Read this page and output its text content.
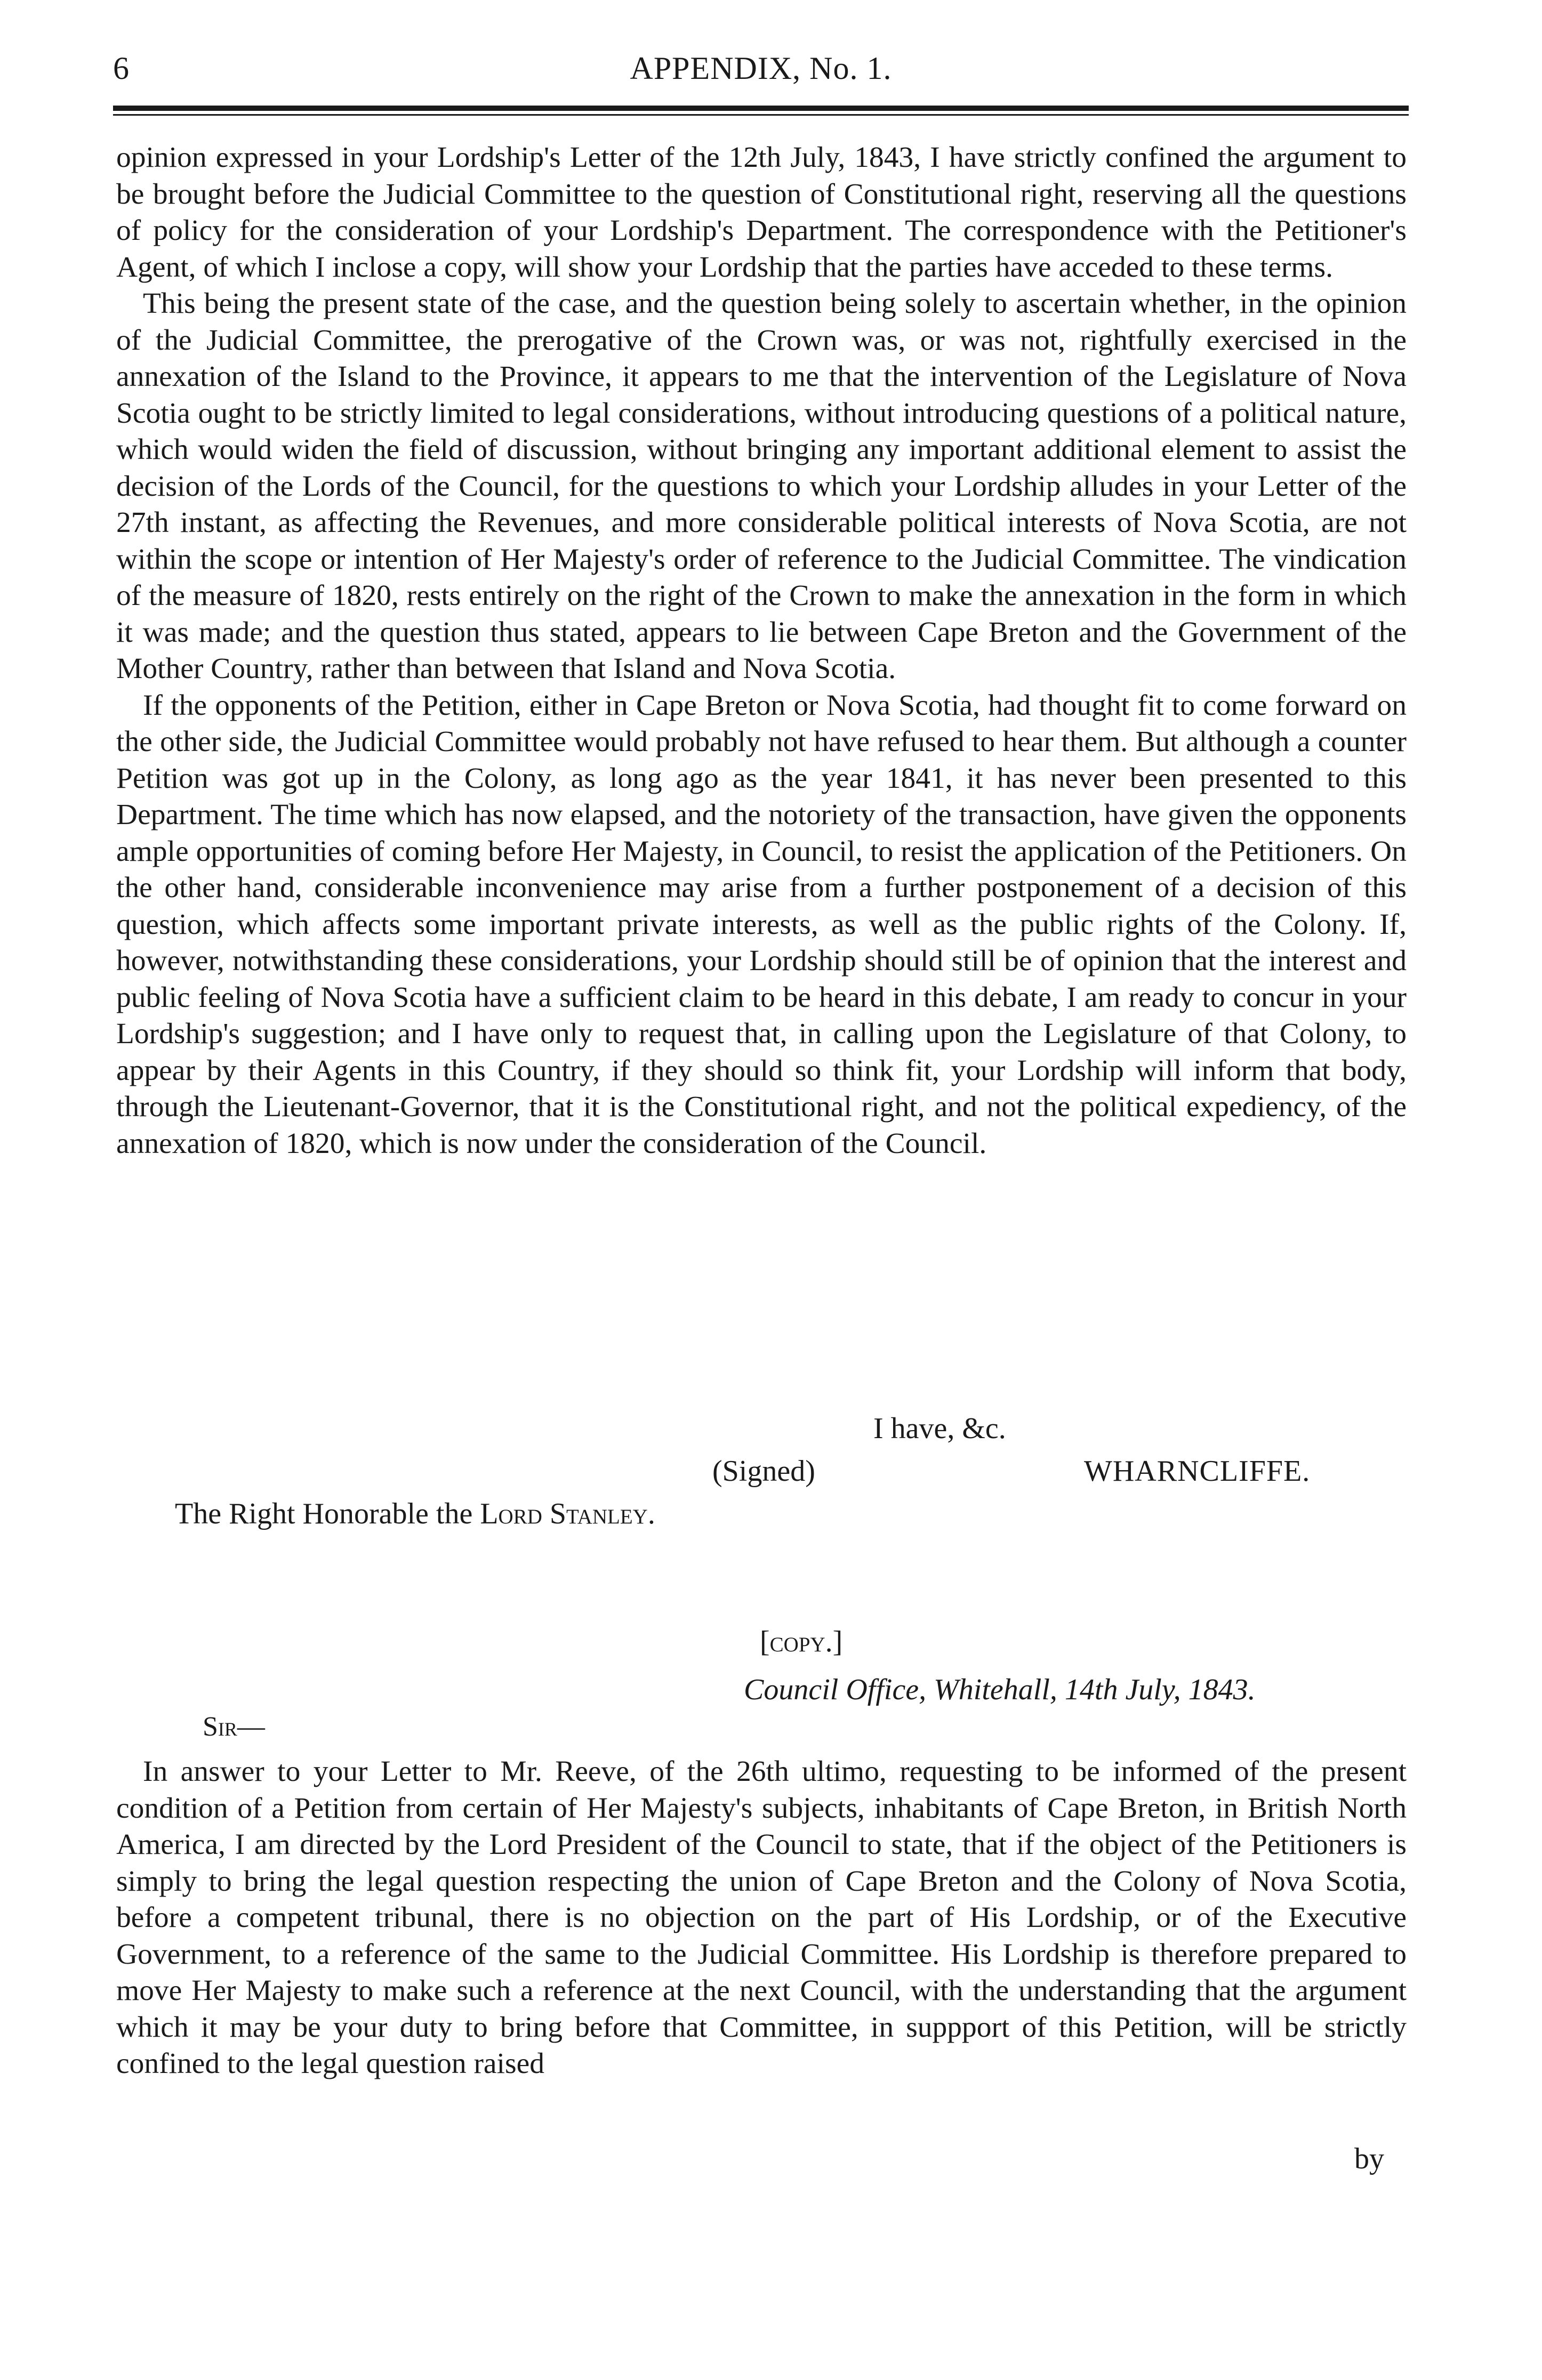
6	APPENDIX, No. 1.

opinion expressed in your Lordship's Letter of the 12th July, 1843, I have strictly confined the argument to be brought before the Judicial Committee to the question of Constitutional right, reserving all the questions of policy for the consideration of your Lordship's Department. The correspondence with the Petitioner's Agent, of which I inclose a copy, will show your Lordship that the parties have acceded to these terms.

This being the present state of the case, and the question being solely to ascertain whether, in the opinion of the Judicial Committee, the prerogative of the Crown was, or was not, rightfully exercised in the annexation of the Island to the Province, it appears to me that the intervention of the Legislature of Nova Scotia ought to be strictly limited to legal considerations, without introducing questions of a political nature, which would widen the field of discussion, without bringing any important additional element to assist the decision of the Lords of the Council, for the questions to which your Lordship alludes in your Letter of the 27th instant, as affecting the Revenues, and more considerable political interests of Nova Scotia, are not within the scope or intention of Her Majesty's order of reference to the Judicial Committee. The vindication of the measure of 1820, rests entirely on the right of the Crown to make the annexation in the form in which it was made; and the question thus stated, appears to lie between Cape Breton and the Government of the Mother Country, rather than between that Island and Nova Scotia.

If the opponents of the Petition, either in Cape Breton or Nova Scotia, had thought fit to come forward on the other side, the Judicial Committee would probably not have refused to hear them. But although a counter Petition was got up in the Colony, as long ago as the year 1841, it has never been presented to this Department. The time which has now elapsed, and the notoriety of the transaction, have given the opponents ample opportunities of coming before Her Majesty, in Council, to resist the application of the Petitioners. On the other hand, considerable inconvenience may arise from a further postponement of a decision of this question, which affects some important private interests, as well as the public rights of the Colony. If, however, notwithstanding these considerations, your Lordship should still be of opinion that the interest and public feeling of Nova Scotia have a sufficient claim to be heard in this debate, I am ready to concur in your Lordship's suggestion; and I have only to request that, in calling upon the Legislature of that Colony, to appear by their Agents in this Country, if they should so think fit, your Lordship will inform that body, through the Lieutenant-Governor, that it is the Constitutional right, and not the political expediency, of the annexation of 1820, which is now under the consideration of the Council.

I have, &c.
(Signed)	WHARNCLIFFE.
The Right Honorable the Lord Stanley.
[copy.]
Council Office, Whitehall, 14th July, 1843.
Sir—

In answer to your Letter to Mr. Reeve, of the 26th ultimo, requesting to be informed of the present condition of a Petition from certain of Her Majesty's subjects, inhabitants of Cape Breton, in British North America, I am directed by the Lord President of the Council to state, that if the object of the Petitioners is simply to bring the legal question respecting the union of Cape Breton and the Colony of Nova Scotia, before a competent tribunal, there is no objection on the part of His Lordship, or of the Executive Government, to a reference of the same to the Judicial Committee. His Lordship is therefore prepared to move Her Majesty to make such a reference at the next Council, with the understanding that the argument which it may be your duty to bring before that Committee, in suppport of this Petition, will be strictly confined to the legal question raised

by
